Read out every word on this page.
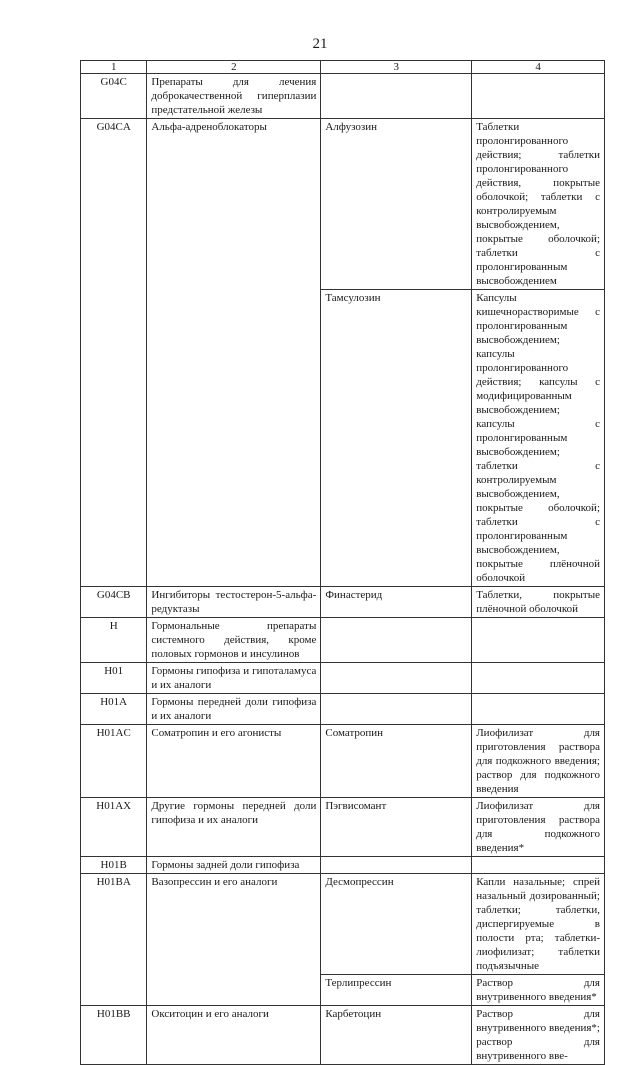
21
1	2	3	4
G04C	Препараты для лечения доброкачественной гиперплазии предстательной железы		
G04CA	Альфа-адреноблокаторы	Алфузозин	Таблетки пролонгированного действия; таблетки пролонгированного действия, покрытые оболочкой; таблетки с контролируемым высвобождением, покрытые оболочкой; таблетки с пролонгированным высвобождением
		Тамсулозин	Капсулы кишечнорастворимые с пролонгированным высвобождением; капсулы пролонгированного действия; капсулы с модифицированным высвобождением; капсулы с пролонгированным высвобождением; таблетки с контролируемым высвобождением, покрытые оболочкой; таблетки с пролонгированным высвобождением, покрытые плёночной оболочкой
G04CB	Ингибиторы тестостерон-5-альфа-редуктазы	Финастерид	Таблетки, покрытые плёночной оболочкой
H	Гормональные препараты системного действия, кроме половых гормонов и инсулинов		
H01	Гормоны гипофиза и гипоталамуса и их аналоги		
H01A	Гормоны передней доли гипофиза и их аналоги		
H01AC	Соматропин и его агонисты	Соматропин	Лиофилизат для приготовления раствора для подкожного введения; раствор для подкожного введения
H01AX	Другие гормоны передней доли гипофиза и их аналоги	Пэгвисомант	Лиофилизат для приготовления раствора для подкожного введения*
H01B	Гормоны задней доли гипофиза		
H01BA	Вазопрессин и его аналоги	Десмопрессин	Капли назальные; спрей назальный дозированный; таблетки; таблетки, диспергируемые в полости рта; таблетки-лиофилизат; таблетки подъязычные
		Терлипрессин	Раствор для внутривенного введения*
H01BB	Окситоцин и его аналоги	Карбетоцин	Раствор для внутривенного введения*; раствор для внутривенного вве-
